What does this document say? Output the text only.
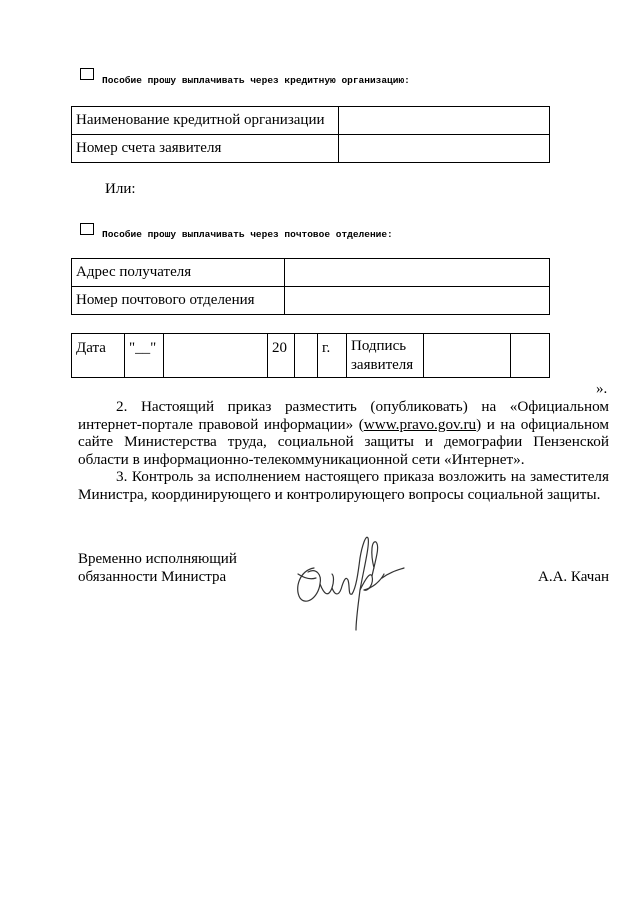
Пособие прошу выплачивать через кредитную организацию:
Наименование кредитной организации	
Номер счета заявителя	
Или:
Пособие прошу выплачивать через почтовое отделение:
Адрес получателя	
Номер почтового отделения	
Дата	"__"		20		г.	Подпись заявителя		
».
2. Настоящий приказ разместить (опубликовать) на «Официальном интернет-портале правовой информации» (www.pravo.gov.ru) и на официальном сайте Министерства труда, социальной защиты и демографии Пензенской области в информационно-телекоммуникационной сети «Интернет».
3. Контроль за исполнением настоящего приказа возложить на заместителя Министра, координирующего и контролирующего вопросы социальной защиты.
Временно исполняющий
обязанности Министра	А.А. Качан
